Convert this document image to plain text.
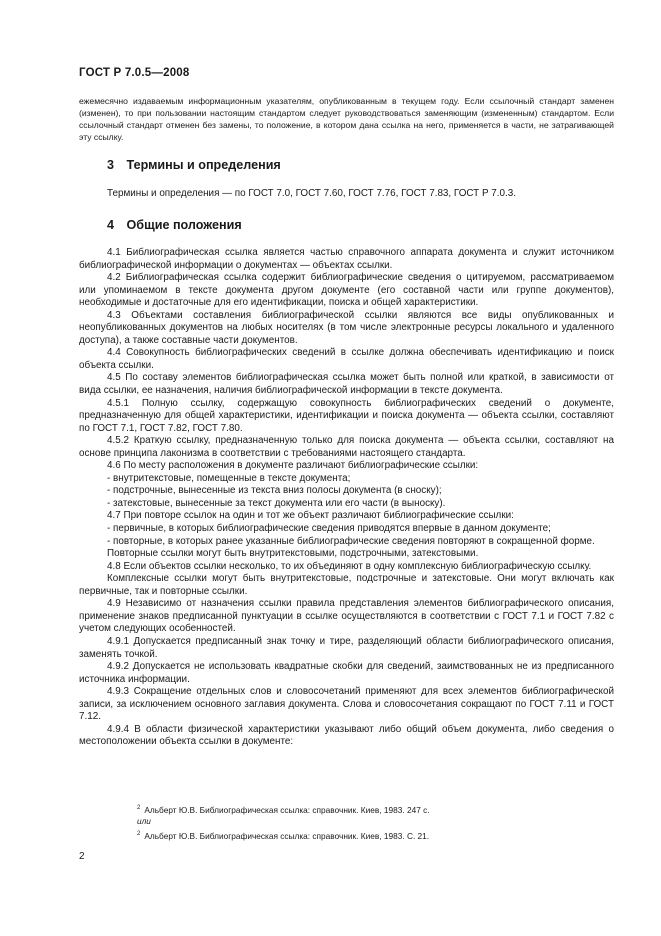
ГОСТ Р 7.0.5—2008
ежемесячно издаваемым информационным указателям, опубликованным в текущем году. Если ссылочный стандарт заменен (изменен), то при пользовании настоящим стандартом следует руководствоваться заменяющим (измененным) стандартом. Если ссылочный стандарт отменен без замены, то положение, в котором дана ссылка на него, применяется в части, не затрагивающей эту ссылку.
3 Термины и определения
Термины и определения — по ГОСТ 7.0, ГОСТ 7.60, ГОСТ 7.76, ГОСТ 7.83, ГОСТ Р 7.0.3.
4 Общие положения

4.1 Библиографическая ссылка является частью справочного аппарата документа и служит источником библиографической информации о документах — объектах ссылки.

4.2 Библиографическая ссылка содержит библиографические сведения о цитируемом, рассматриваемом или упоминаемом в тексте документа другом документе (его составной части или группе документов), необходимые и достаточные для его идентификации, поиска и общей характеристики.

4.3 Объектами составления библиографической ссылки являются все виды опубликованных и неопубликованных документов на любых носителях (в том числе электронные ресурсы локального и удаленного доступа), а также составные части документов.

4.4 Совокупность библиографических сведений в ссылке должна обеспечивать идентификацию и поиск объекта ссылки.

4.5 По составу элементов библиографическая ссылка может быть полной или краткой, в зависимости от вида ссылки, ее назначения, наличия библиографической информации в тексте документа.

4.5.1 Полную ссылку, содержащую совокупность библиографических сведений о документе, предназначенную для общей характеристики, идентификации и поиска документа — объекта ссылки, составляют по ГОСТ 7.1, ГОСТ 7.82, ГОСТ 7.80.

4.5.2 Краткую ссылку, предназначенную только для поиска документа — объекта ссылки, составляют на основе принципа лаконизма в соответствии с требованиями настоящего стандарта.

4.6 По месту расположения в документе различают библиографические ссылки:

- внутритекстовые, помещенные в тексте документа;

- подстрочные, вынесенные из текста вниз полосы документа (в сноску);

- затекстовые, вынесенные за текст документа или его части (в выноску).

4.7 При повторе ссылок на один и тот же объект различают библиографические ссылки:

- первичные, в которых библиографические сведения приводятся впервые в данном документе;

- повторные, в которых ранее указанные библиографические сведения повторяют в сокращенной форме.

Повторные ссылки могут быть внутритекстовыми, подстрочными, затекстовыми.

4.8 Если объектов ссылки несколько, то их объединяют в одну комплексную библиографическую ссылку.

Комплексные ссылки могут быть внутритекстовые, подстрочные и затекстовые. Они могут включать как первичные, так и повторные ссылки.

4.9 Независимо от назначения ссылки правила представления элементов библиографического описания, применение знаков предписанной пунктуации в ссылке осуществляются в соответствии с ГОСТ 7.1 и ГОСТ 7.82 с учетом следующих особенностей.

4.9.1 Допускается предписанный знак точку и тире, разделяющий области библиографического описания, заменять точкой.

4.9.2 Допускается не использовать квадратные скобки для сведений, заимствованных не из предписанного источника информации.

4.9.3 Сокращение отдельных слов и словосочетаний применяют для всех элементов библиографической записи, за исключением основного заглавия документа. Слова и словосочетания сокращают по ГОСТ 7.11 и ГОСТ 7.12.

4.9.4 В области физической характеристики указывают либо общий объем документа, либо сведения о местоположении объекта ссылки в документе:

$^2$ Альберт Ю.В. Библиографическая ссылка: справочник. Киев, 1983. 247 с.
или
$^2$ Альберт Ю.В. Библиографическая ссылка: справочник. Киев, 1983. С. 21.
2
